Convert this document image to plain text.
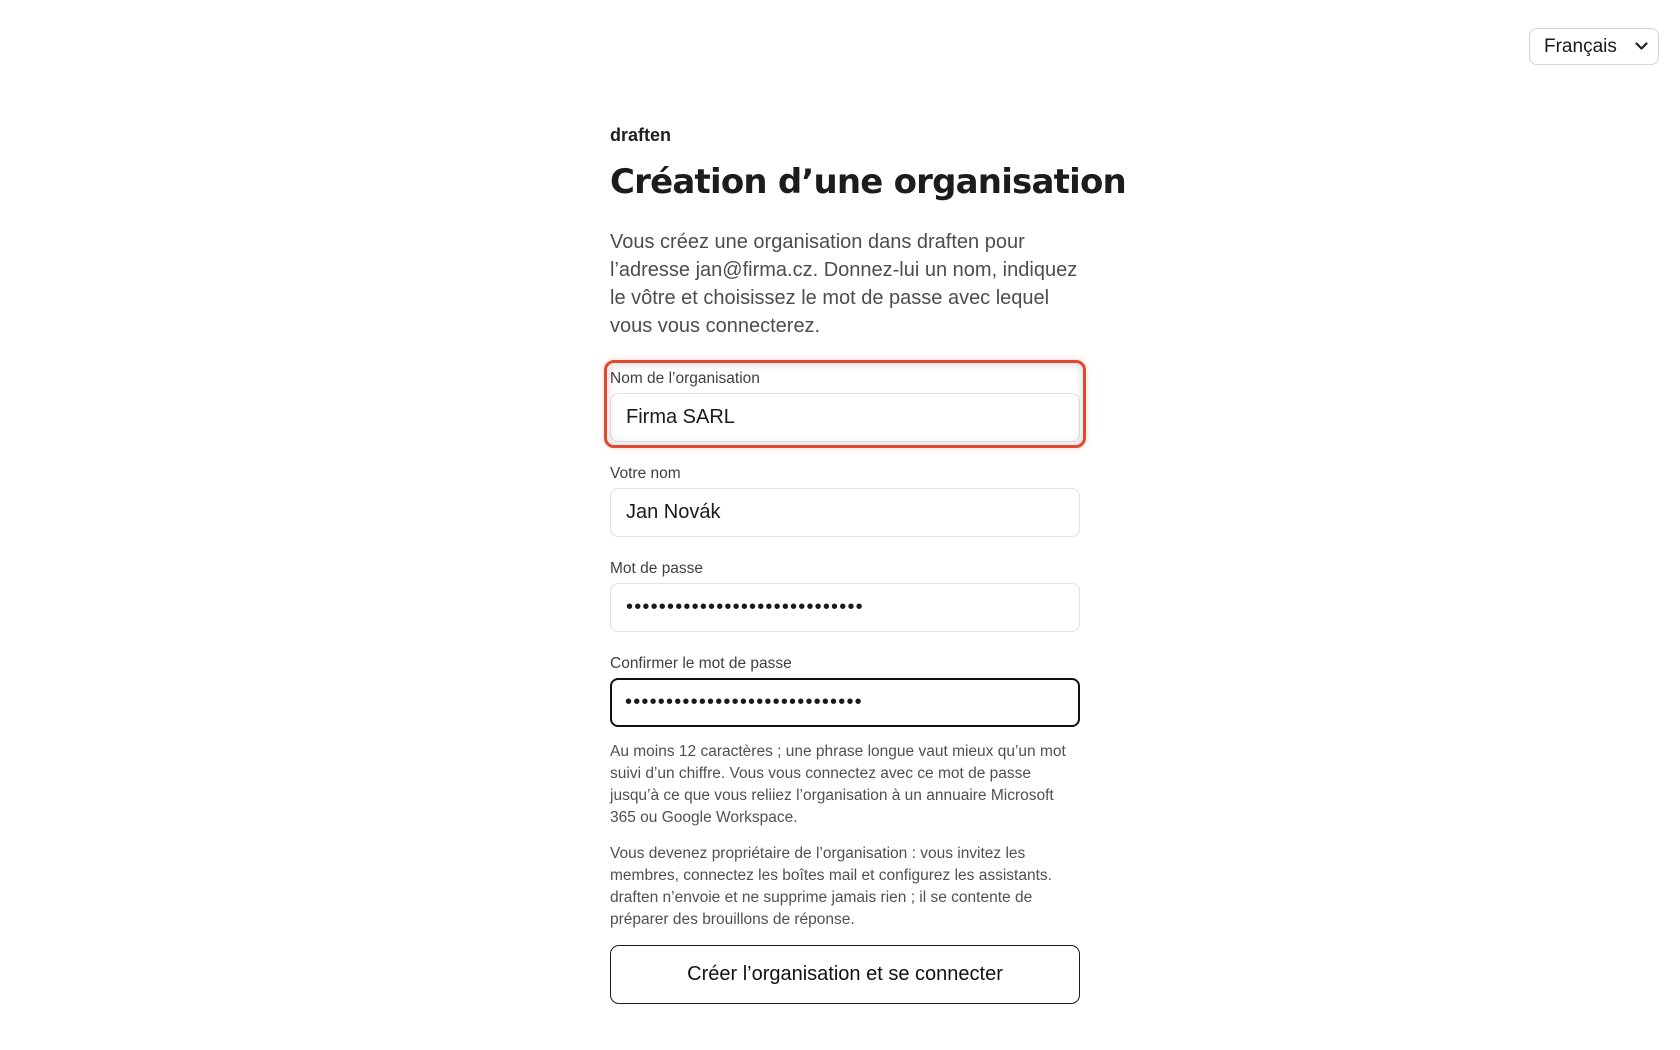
Français
draften
Création d’une organisation

Vous créez une organisation dans draften pour l’adresse jan@firma.cz. Donnez-lui un nom, indiquez le vôtre et choisissez le mot de passe avec lequel vous vous connecterez.

Nom de l’organisation
Firma SARL
Votre nom
Jan Novák
Mot de passe
•••••••••••••••••••••••••••••
Confirmer le mot de passe
•••••••••••••••••••••••••••••

Au moins 12 caractères ; une phrase longue vaut mieux qu’un mot suivi d’un chiffre. Vous vous connectez avec ce mot de passe jusqu’à ce que vous reliiez l’organisation à un annuaire Microsoft 365 ou Google Workspace.

Vous devenez propriétaire de l’organisation : vous invitez les membres, connectez les boîtes mail et configurez les assistants. draften n’envoie et ne supprime jamais rien ; il se contente de préparer des brouillons de réponse.

Créer l’organisation et se connecter
